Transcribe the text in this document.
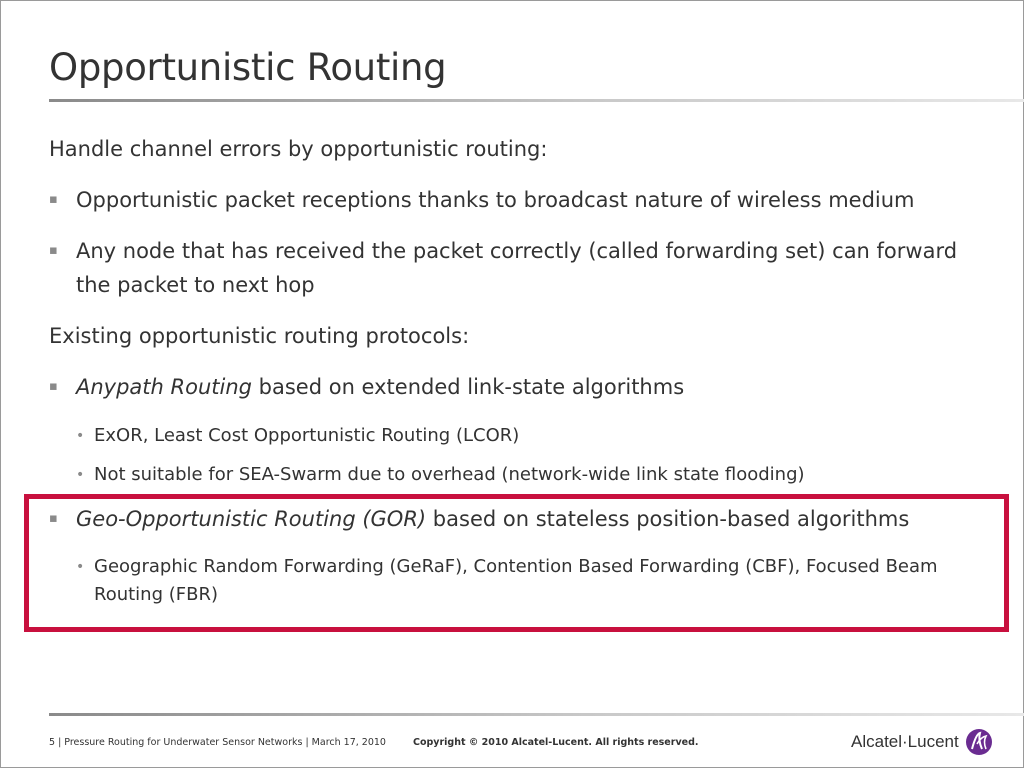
Opportunistic Routing
Handle channel errors by opportunistic routing:
▪ Opportunistic packet receptions thanks to broadcast nature of wireless medium
▪ Any node that has received the packet correctly (called forwarding set) can forward the packet to next hop
Existing opportunistic routing protocols:
▪ Anypath Routing based on extended link-state algorithms
• ExOR, Least Cost Opportunistic Routing (LCOR)
• Not suitable for SEA-Swarm due to overhead (network-wide link state flooding)
▪ Geo-Opportunistic Routing (GOR) based on stateless position-based algorithms
• Geographic Random Forwarding (GeRaF), Contention Based Forwarding (CBF), Focused Beam Routing (FBR)
5 | Pressure Routing for Underwater Sensor Networks | March 17, 2010	Copyright © 2010 Alcatel-Lucent. All rights reserved.	Alcatel·Lucent
